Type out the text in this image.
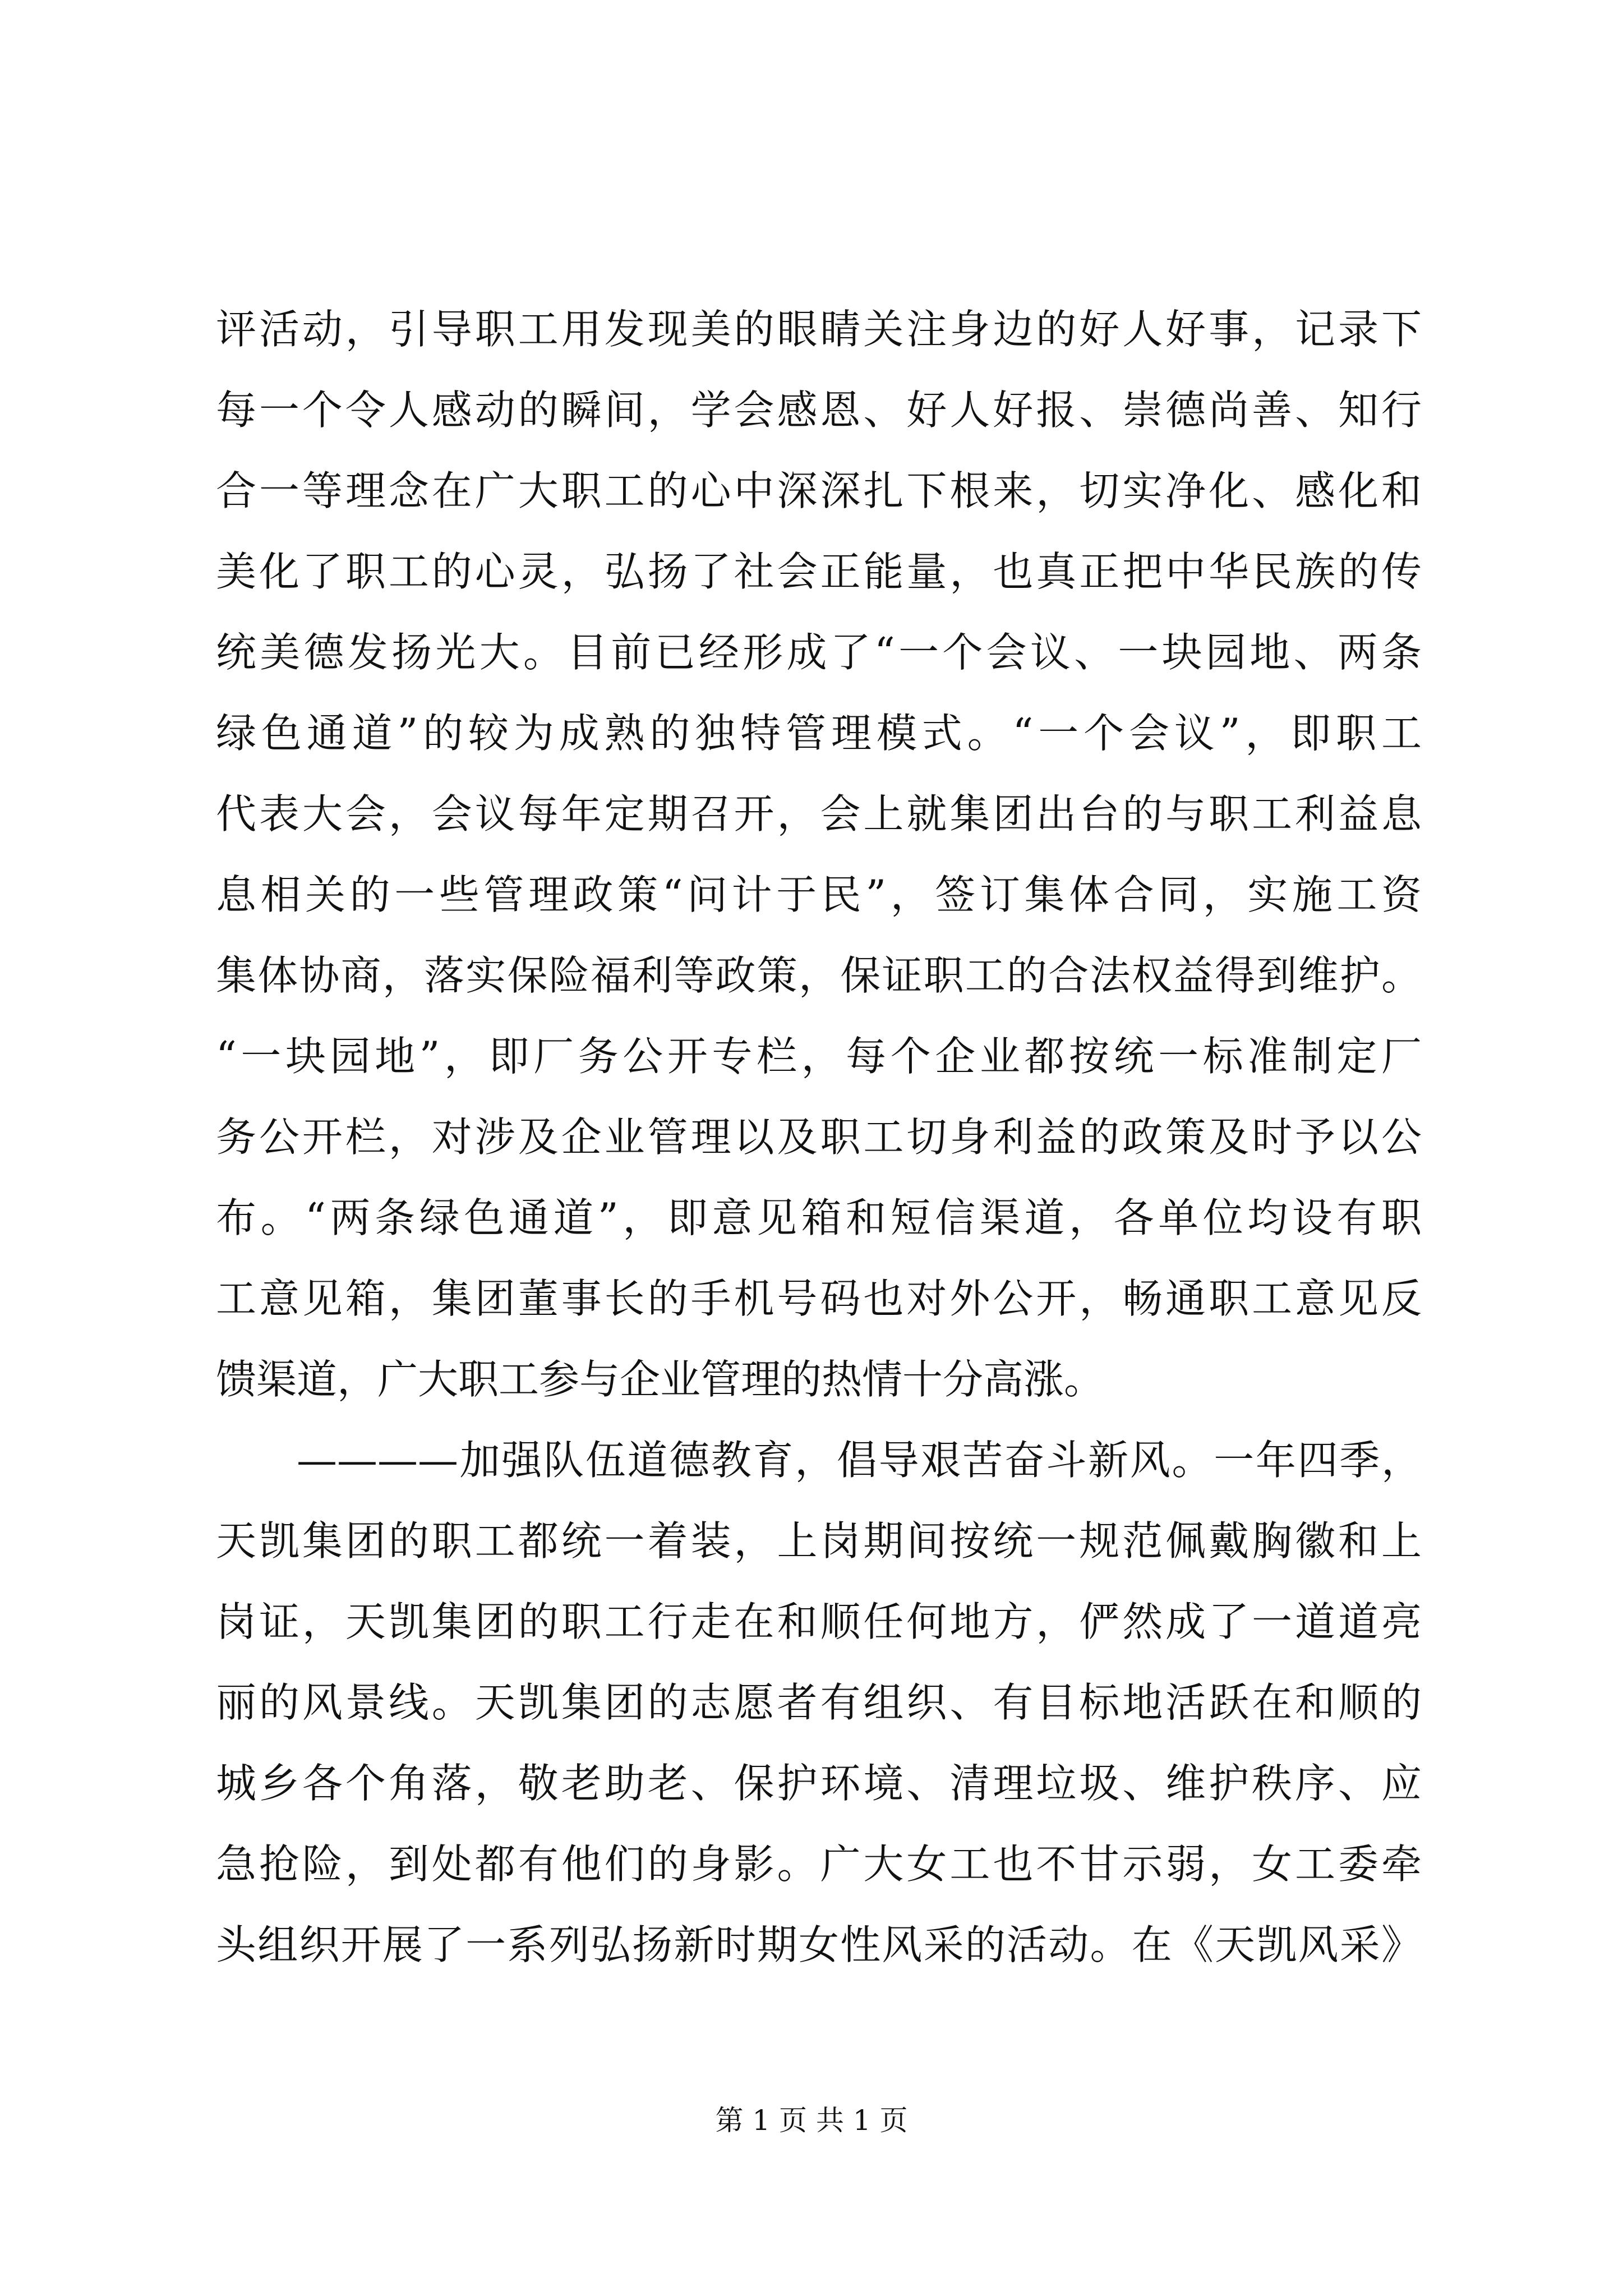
评活动，引导职工用发现美的眼睛关注身边的好人好事，记录下
每一个令人感动的瞬间，学会感恩、好人好报、崇德尚善、知行
合一等理念在广大职工的心中深深扎下根来，切实净化、感化和
美化了职工的心灵，弘扬了社会正能量，也真正把中华民族的传
统美德发扬光大。目前已经形成了“一个会议、一块园地、两条
绿色通道”的较为成熟的独特管理模式。“一个会议”，即职工
代表大会，会议每年定期召开，会上就集团出台的与职工利益息
息相关的一些管理政策“问计于民”，签订集体合同，实施工资
集体协商，落实保险福利等政策，保证职工的合法权益得到维护。
“一块园地”，即厂务公开专栏，每个企业都按统一标准制定厂
务公开栏，对涉及企业管理以及职工切身利益的政策及时予以公
布。“两条绿色通道”，即意见箱和短信渠道，各单位均设有职
工意见箱，集团董事长的手机号码也对外公开，畅通职工意见反
馈渠道，广大职工参与企业管理的热情十分高涨。
————加强队伍道德教育，倡导艰苦奋斗新风。一年四季，
天凯集团的职工都统一着装，上岗期间按统一规范佩戴胸徽和上
岗证，天凯集团的职工行走在和顺任何地方，俨然成了一道道亮
丽的风景线。天凯集团的志愿者有组织、有目标地活跃在和顺的
城乡各个角落，敬老助老、保护环境、清理垃圾、维护秩序、应
急抢险，到处都有他们的身影。广大女工也不甘示弱，女工委牵
头组织开展了一系列弘扬新时期女性风采的活动。在《天凯风采》
第 1 页 共 1 页
